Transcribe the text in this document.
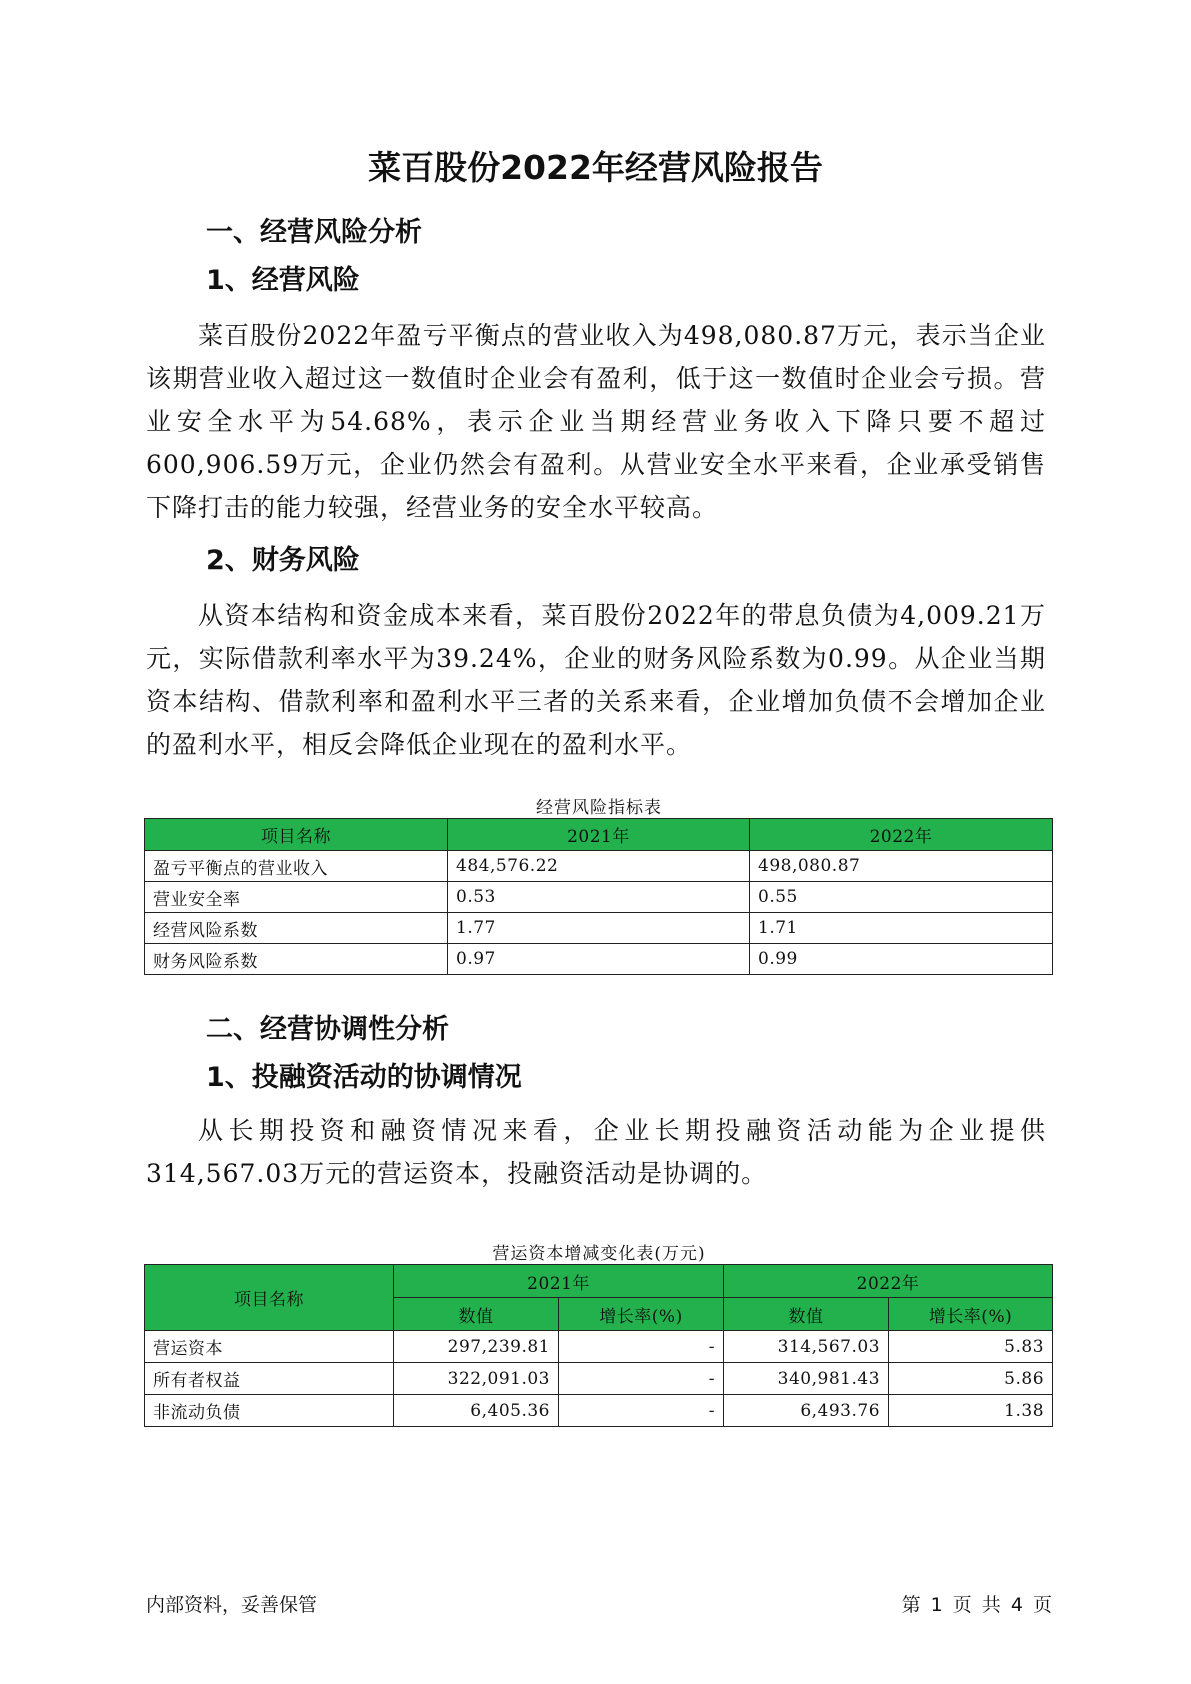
菜百股份2022年经营风险报告
一、经营风险分析
1、经营风险

菜百股份2022年盈亏平衡点的营业收入为498,080.87万元，表示当企业该期营业收入超过这一数值时企业会有盈利，低于这一数值时企业会亏损。营业安全水平为54.68%，表示企业当期经营业务收入下降只要不超过600,906.59万元，企业仍然会有盈利。从营业安全水平来看，企业承受销售下降打击的能力较强，经营业务的安全水平较高。

2、财务风险

从资本结构和资金成本来看，菜百股份2022年的带息负债为4,009.21万元，实际借款利率水平为39.24%，企业的财务风险系数为0.99。从企业当期资本结构、借款利率和盈利水平三者的关系来看，企业增加负债不会增加企业的盈利水平，相反会降低企业现在的盈利水平。

经营风险指标表

项目名称	2021年	2022年
盈亏平衡点的营业收入	484,576.22	498,080.87
营业安全率	0.53	0.55
经营风险系数	1.77	1.71
财务风险系数	0.97	0.99
二、经营协调性分析
1、投融资活动的协调情况

从长期投资和融资情况来看，企业长期投融资活动能为企业提供314,567.03万元的营运资本，投融资活动是协调的。

营运资本增减变化表(万元)

项目名称	2021年		2022年	
	数值	增长率(%)	数值	增长率(%)
营运资本	297,239.81	-	314,567.03	5.83
所有者权益	322,091.03	-	340,981.43	5.86
非流动负债	6,405.36	-	6,493.76	1.38
内部资料，妥善保管	第 1 页 共 4 页
